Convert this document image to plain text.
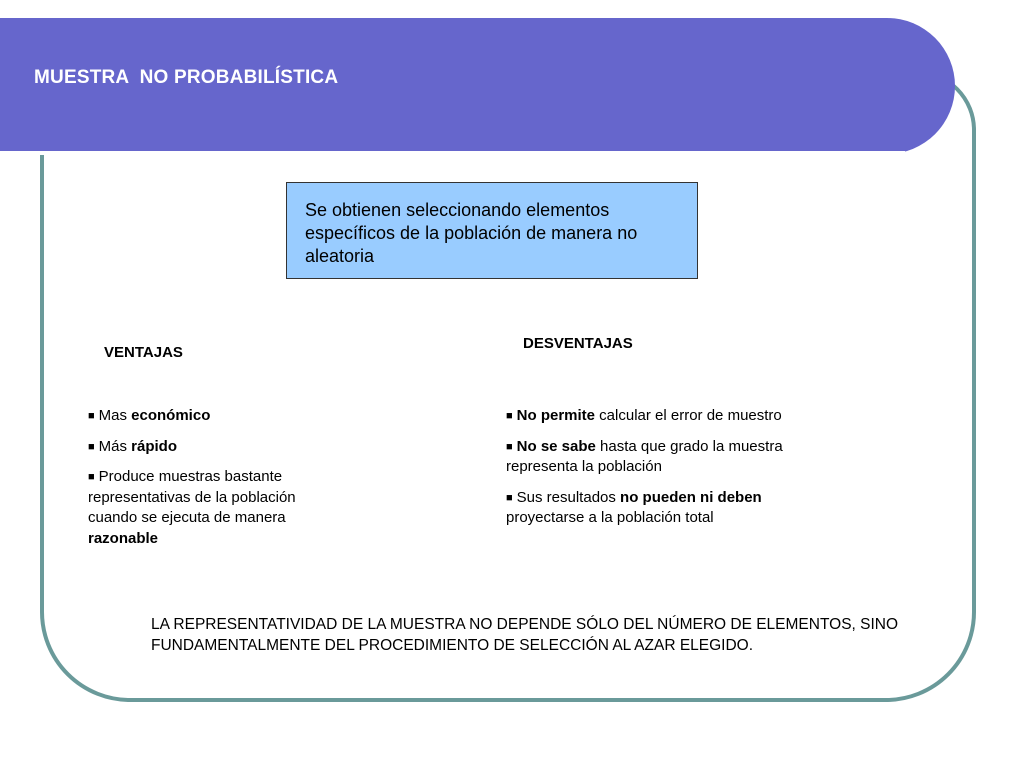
MUESTRA  NO PROBABILÍSTICA
Se obtienen seleccionando elementos específicos de la población de manera no aleatoria
VENTAJAS
DESVENTAJAS
■ Mas económico
■ Más rápido
■ Produce muestras bastante representativas de la población cuando se ejecuta de manera razonable
■ No permite calcular el error de muestro
■ No se sabe hasta que grado la muestra representa la población
■ Sus resultados no pueden ni deben proyectarse a la población total
LA REPRESENTATIVIDAD DE LA MUESTRA NO DEPENDE SÓLO DEL NÚMERO DE ELEMENTOS, SINO FUNDAMENTALMENTE DEL PROCEDIMIENTO DE SELECCIÓN AL AZAR ELEGIDO.
